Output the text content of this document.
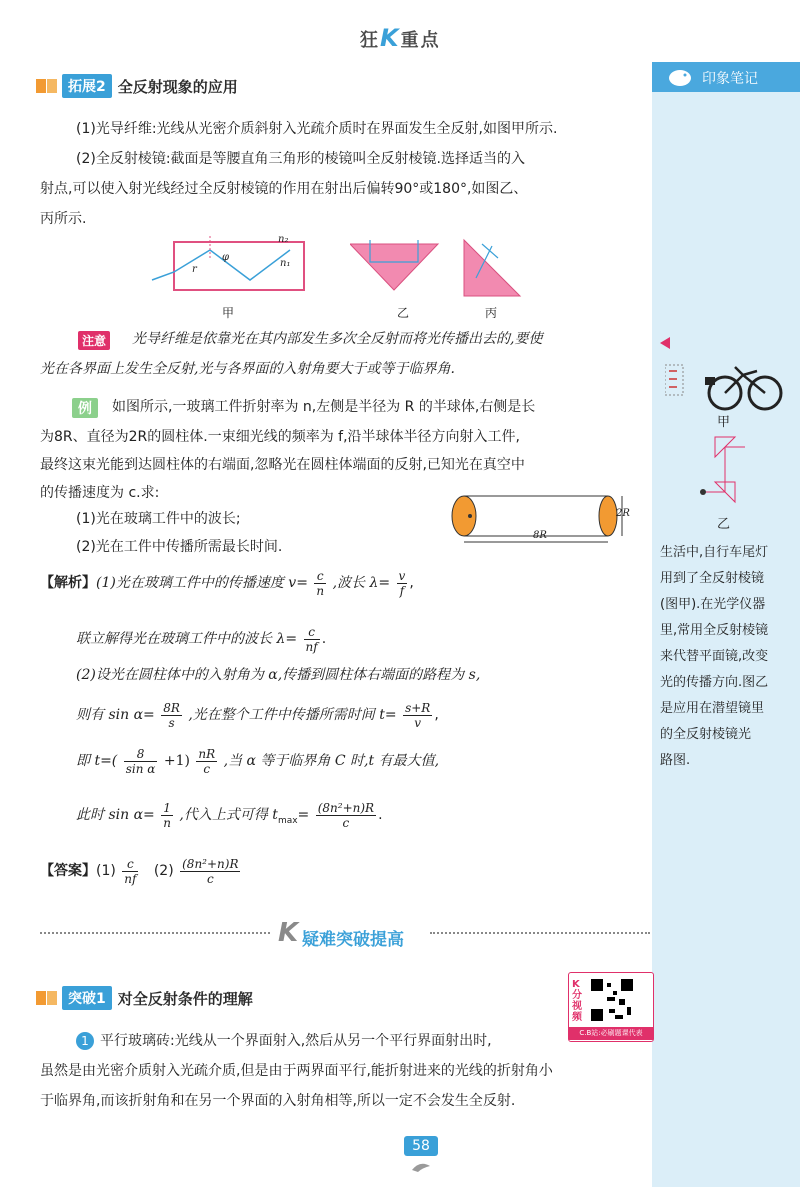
狂K重点
印象笔记
甲
乙
生活中,自行车尾灯
用到了全反射棱镜
(图甲).在光学仪器
里,常用全反射棱镜
来代替平面镜,改变
光的传播方向.图乙
是应用在潜望镜里
的全反射棱镜光
路图.
拓展2 全反射现象的应用
(1)光导纤维:光线从光密介质斜射入光疏介质时在界面发生全反射,如图甲所示.
(2)全反射棱镜:截面是等腰直角三角形的棱镜叫全反射棱镜.选择适当的入
射点,可以使入射光线经过全反射棱镜的作用在射出后偏转90°或180°,如图乙、
丙所示.
n₂
n₁
φ
r
甲	乙	丙
注意 光导纤维是依靠光在其内部发生多次全反射而将光传播出去的,要使
光在各界面上发生全反射,光与各界面的入射角要大于或等于临界角.
例	如图所示,一玻璃工件折射率为 n,左侧是半径为 R 的半球体,右侧是长
为8R、直径为2R的圆柱体.一束细光线的频率为 f,沿半球体半径方向射入工件,
最终这束光能到达圆柱体的右端面,忽略光在圆柱体端面的反射,已知光在真空中
的传播速度为 c.求:
(1)光在玻璃工件中的波长;
(2)光在工件中传播所需最长时间.
8R
2R
【解析】(1)光在玻璃工件中的传播速度 $v= \frac{c}{n}$ ,波长 $\lambda= \frac{v}{f}$ ,
联立解得光在玻璃工件中的波长 $\lambda= \frac{c}{nf}$ .
(2)设光在圆柱体中的入射角为 α,传播到圆柱体右端面的路程为 s,
则有 $\sin \alpha= \frac{8R}{s}$ ,光在整个工件中传播所需时间 $t= \frac{s+R}{v}$ ,
即 $t=( \frac{8}{\text{sin α}} +1) \frac{nR}{c}$ ,当 α 等于临界角 C 时,t 有最大值,
此时 $\sin \alpha= \frac{1}{n}$ ,代入上式可得 $t_{max}= \frac{\text{(8n²+n)R}}{c}$ .
【答案】$(1) \frac{c}{nf} (2) \frac{\text{(8n²+n)R}}{c}$
K 疑难突破提高
突破1 对全反射条件的理解
K分视频
C.B站:必刷题课代表
1 平行玻璃砖:光线从一个界面射入,然后从另一个平行界面射出时,
虽然是由光密介质射入光疏介质,但是由于两界面平行,能折射进来的光线的折射角小
于临界角,而该折射角和在另一个界面的入射角相等,所以一定不会发生全反射.
58
